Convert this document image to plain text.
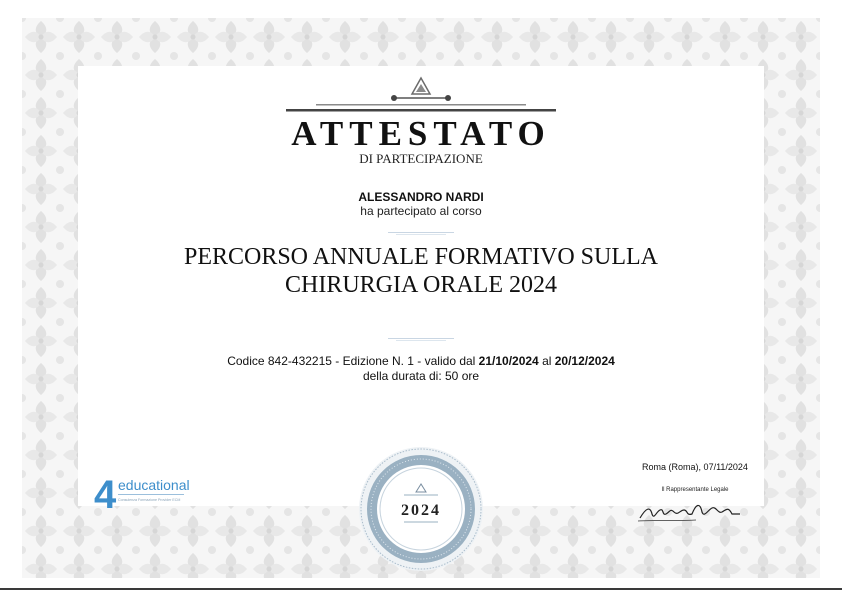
ATTESTATO
DI PARTECIPAZIONE
ALESSANDRO NARDI
ha partecipato al corso
PERCORSO ANNUALE FORMATIVO SULLA
CHIRURGIA ORALE 2024
Codice 842-432215 - Edizione N. 1 - valido dal 21/10/2024 al 20/12/2024
della durata di: 50 ore
4 educational
Consulenza Formazione Provider ECM
2024
Roma (Roma), 07/11/2024
Il Rappresentante Legale
